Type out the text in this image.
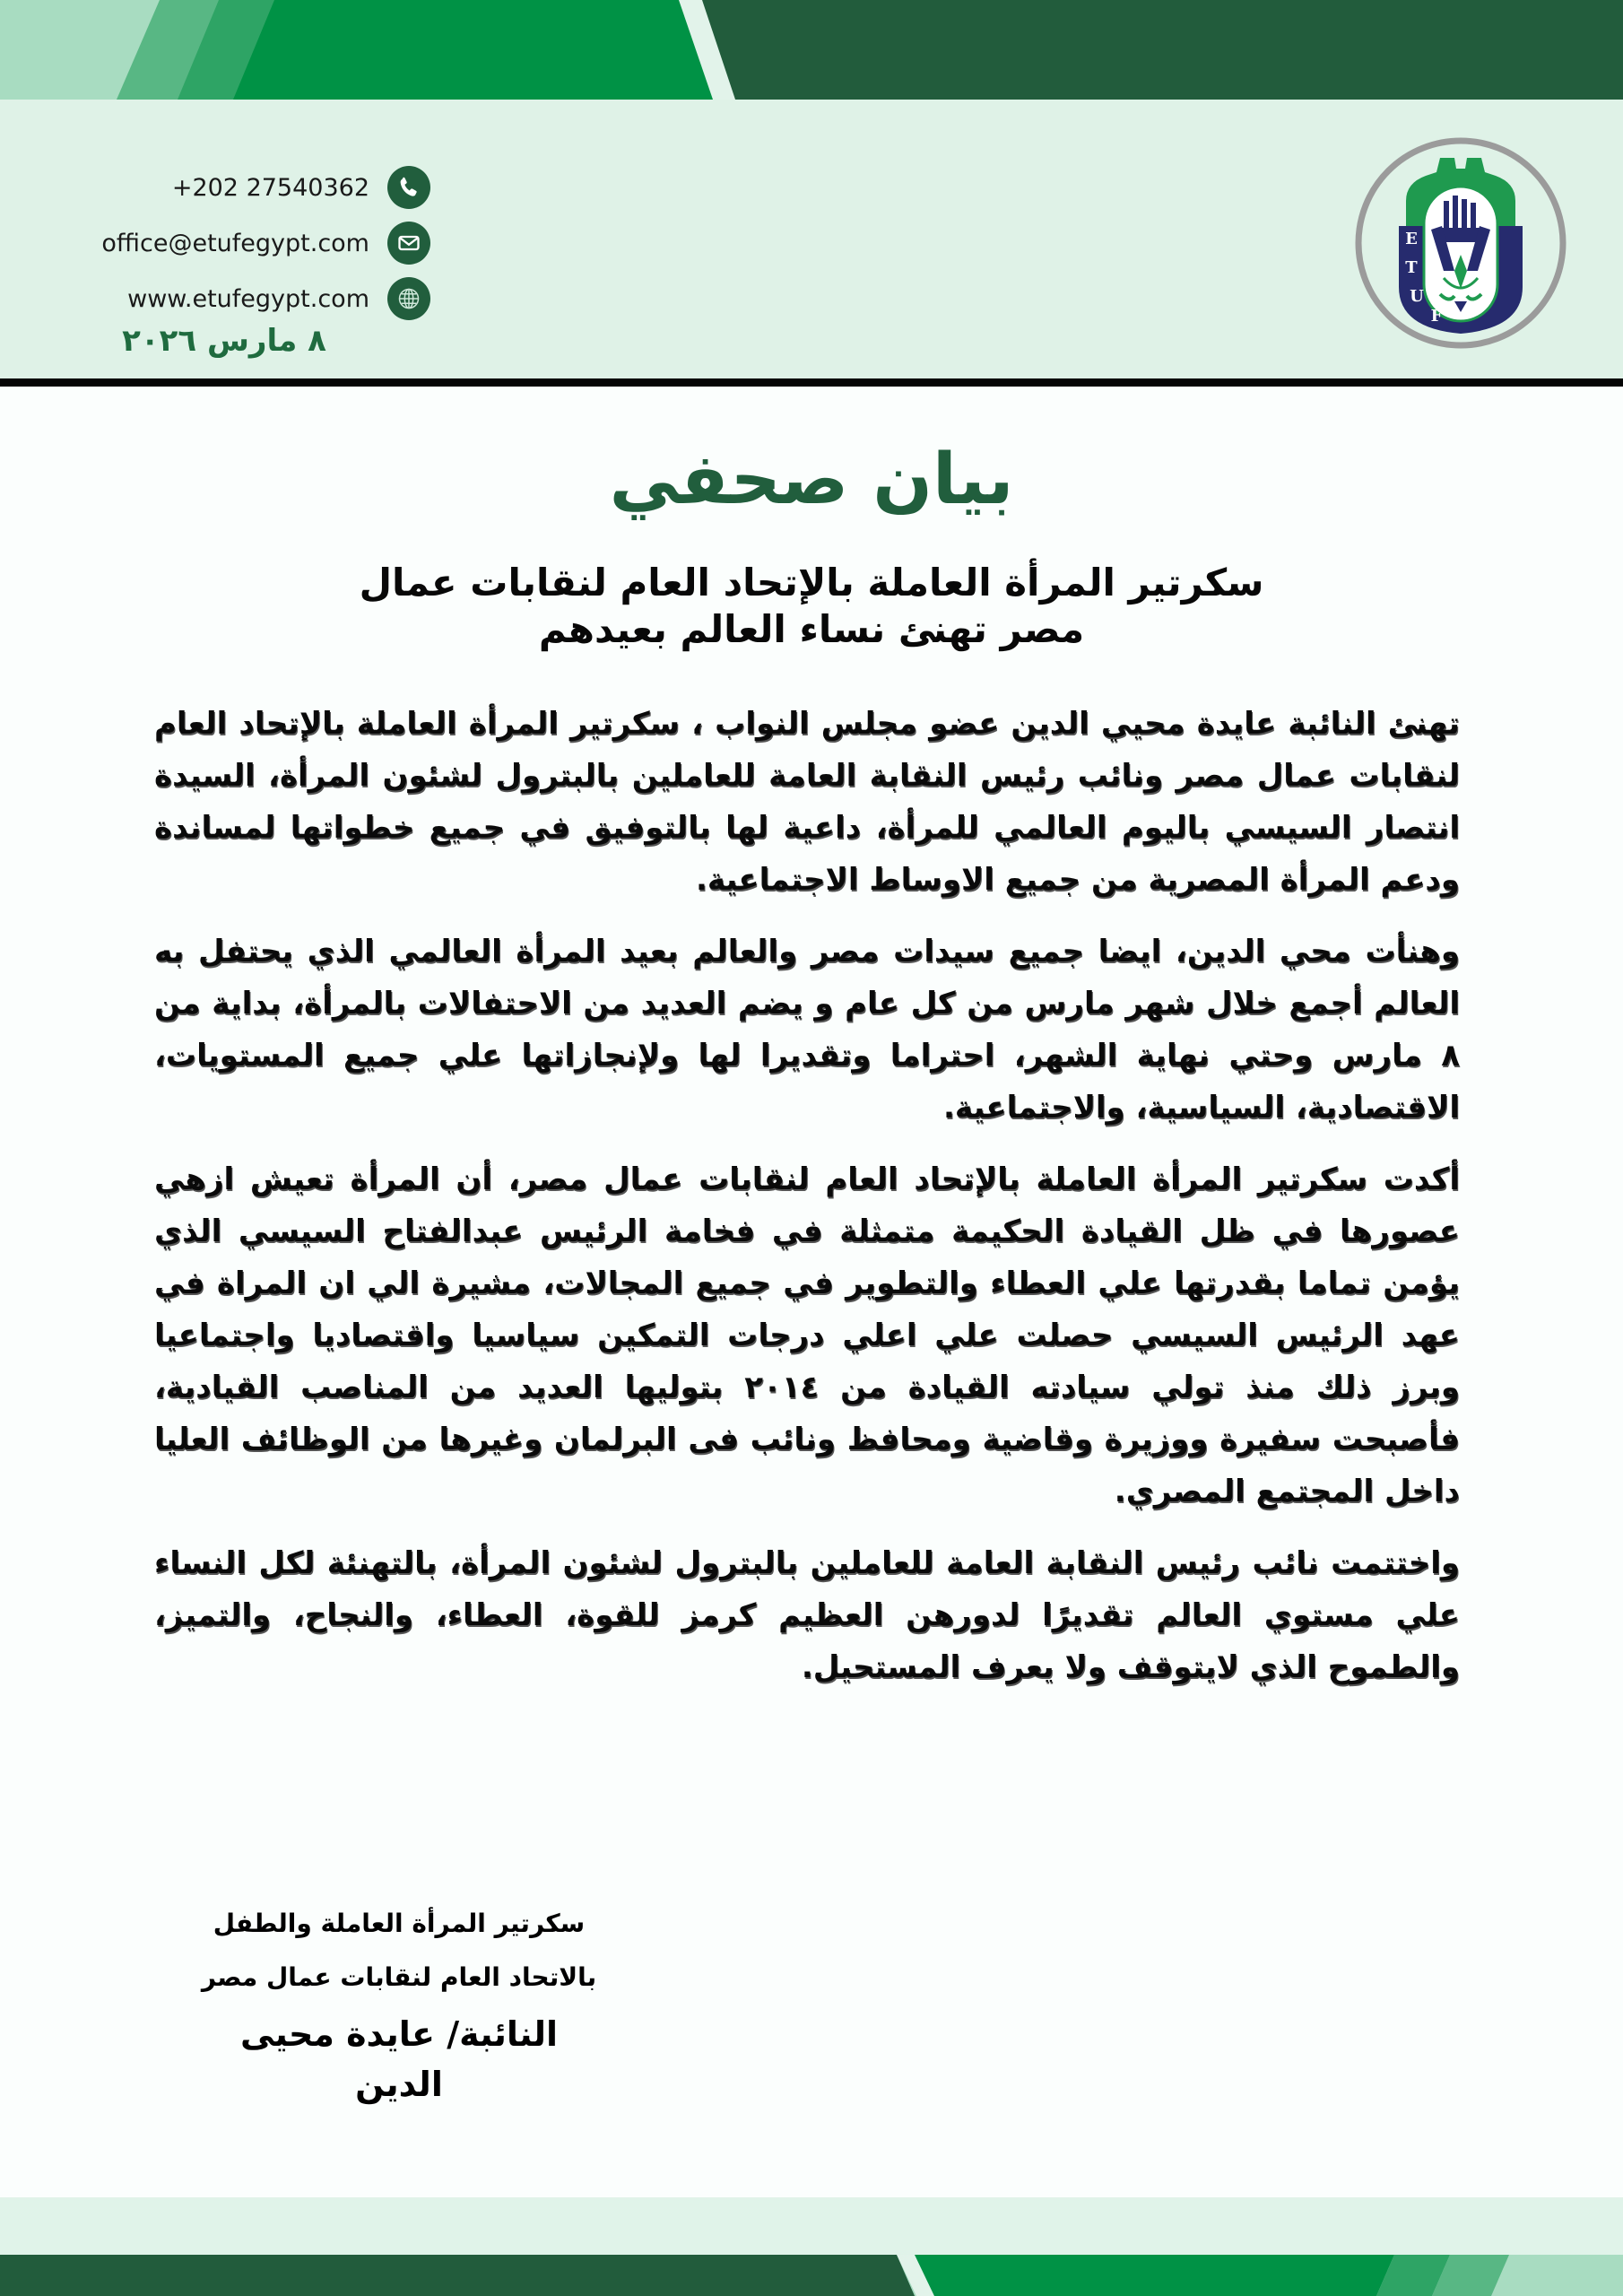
+202 27540362
office@etufegypt.com
www.etufegypt.com
٨ مارس ٢٠٢٦
E
T
U
F
بيان صحفي
سكرتير المرأة العاملة بالإتحاد العام لنقابات عمال
مصر تهنئ نساء العالم بعيدهم

تهنئ النائبة عايدة محيي الدين عضو مجلس النواب ، سكرتير المرأة العاملة بالإتحاد العام لنقابات عمال مصر ونائب رئيس النقابة العامة للعاملين بالبترول لشئون المرأة، السيدة انتصار السيسي باليوم العالمي للمرأة، داعية لها بالتوفيق في جميع خطواتها لمساندة ودعم المرأة المصرية من جميع الاوساط الاجتماعية.

وهنأت محي الدين، ايضا جميع سيدات مصر والعالم بعيد المرأة العالمي الذي يحتفل به العالم أجمع خلال شهر مارس من كل عام و يضم العديد من الاحتفالات بالمرأة، بداية من ٨ مارس وحتي نهاية الشهر، احتراما وتقديرا لها ولإنجازاتها علي جميع المستويات، الاقتصادية، السياسية، والاجتماعية.

أكدت سكرتير المرأة العاملة بالإتحاد العام لنقابات عمال مصر، أن المرأة تعيش ازهي عصورها في ظل القيادة الحكيمة متمثلة في فخامة الرئيس عبدالفتاح السيسي الذي يؤمن تماما بقدرتها علي العطاء والتطوير في جميع المجالات، مشيرة الي ان المراة في عهد الرئيس السيسي حصلت علي اعلي درجات التمكين سياسيا واقتصاديا واجتماعيا وبرز ذلك منذ تولي سيادته القيادة من ٢٠١٤ بتوليها العديد من المناصب القيادية، فأصبحت سفيرة ووزيرة وقاضية ومحافظ ونائب فى البرلمان وغيرها من الوظائف العليا داخل المجتمع المصري.

واختتمت نائب رئيس النقابة العامة للعاملين بالبترول لشئون المرأة، بالتهنئة لكل النساء علي مستوي العالم تقديرًا لدورهن العظيم كرمز للقوة، العطاء، والنجاح، والتميز، والطموح الذي لايتوقف ولا يعرف المستحيل.

سكرتير المرأة العاملة والطفل
بالاتحاد العام لنقابات عمال مصر
النائبة/ عايدة محيى الدين
